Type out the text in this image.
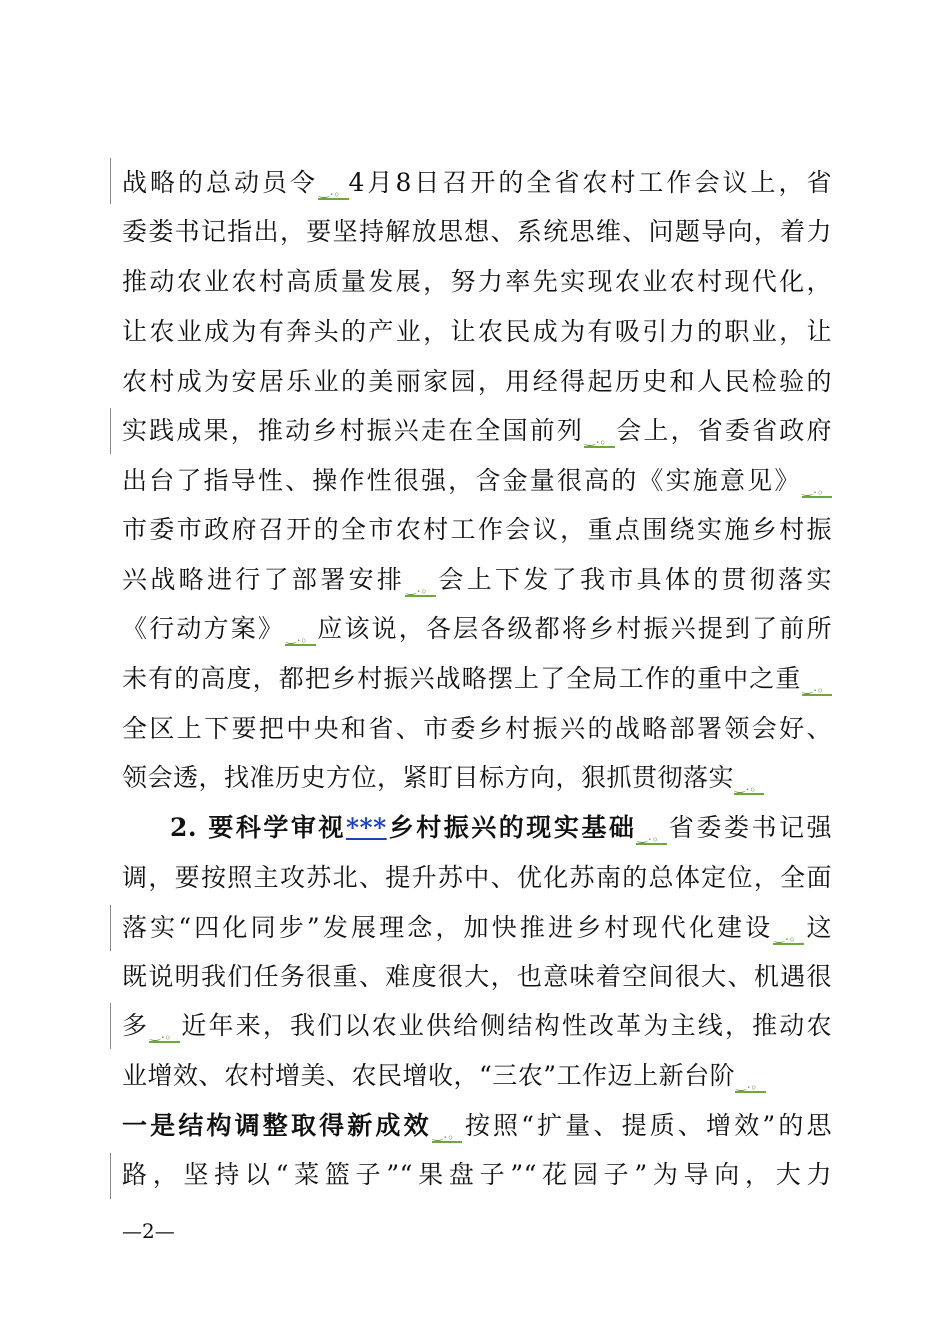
战略的总动员令‿.。4月8日召开的全省农村工作会议上，省
委娄书记指出，要坚持解放思想、系统思维、问题导向，着力
推动农业农村高质量发展，努力率先实现农业农村现代化，
让农业成为有奔头的产业，让农民成为有吸引力的职业，让
农村成为安居乐业的美丽家园，用经得起历史和人民检验的
实践成果，推动乡村振兴走在全国前列‿.。会上，省委省政府
出台了指导性、操作性很强，含金量很高的《实施意见》‿.。
市委市政府召开的全市农村工作会议，重点围绕实施乡村振
兴战略进行了部署安排‿.。会上下发了我市具体的贯彻落实
《行动方案》‿.。应该说，各层各级都将乡村振兴提到了前所
未有的高度，都把乡村振兴战略摆上了全局工作的重中之重‿.。
全区上下要把中央和省、市委乡村振兴的战略部署领会好、
领会透，找准历史方位，紧盯目标方向，狠抓贯彻落实‿.。
2. 要科学审视***乡村振兴的现实基础‿.。省委娄书记强
调，要按照主攻苏北、提升苏中、优化苏南的总体定位，全面
落实“四化同步”发展理念，加快推进乡村现代化建设‿.。这
既说明我们任务很重、难度很大，也意味着空间很大、机遇很
多‿.。近年来，我们以农业供给侧结构性改革为主线，推动农
业增效、农村增美、农民增收，“三农”工作迈上新台阶‿.。
一是结构调整取得新成效‿.。按照“扩量、提质、增效”的思
路，坚持以“菜篮子”“果盘子”“花园子”为导向，大力
—2—
